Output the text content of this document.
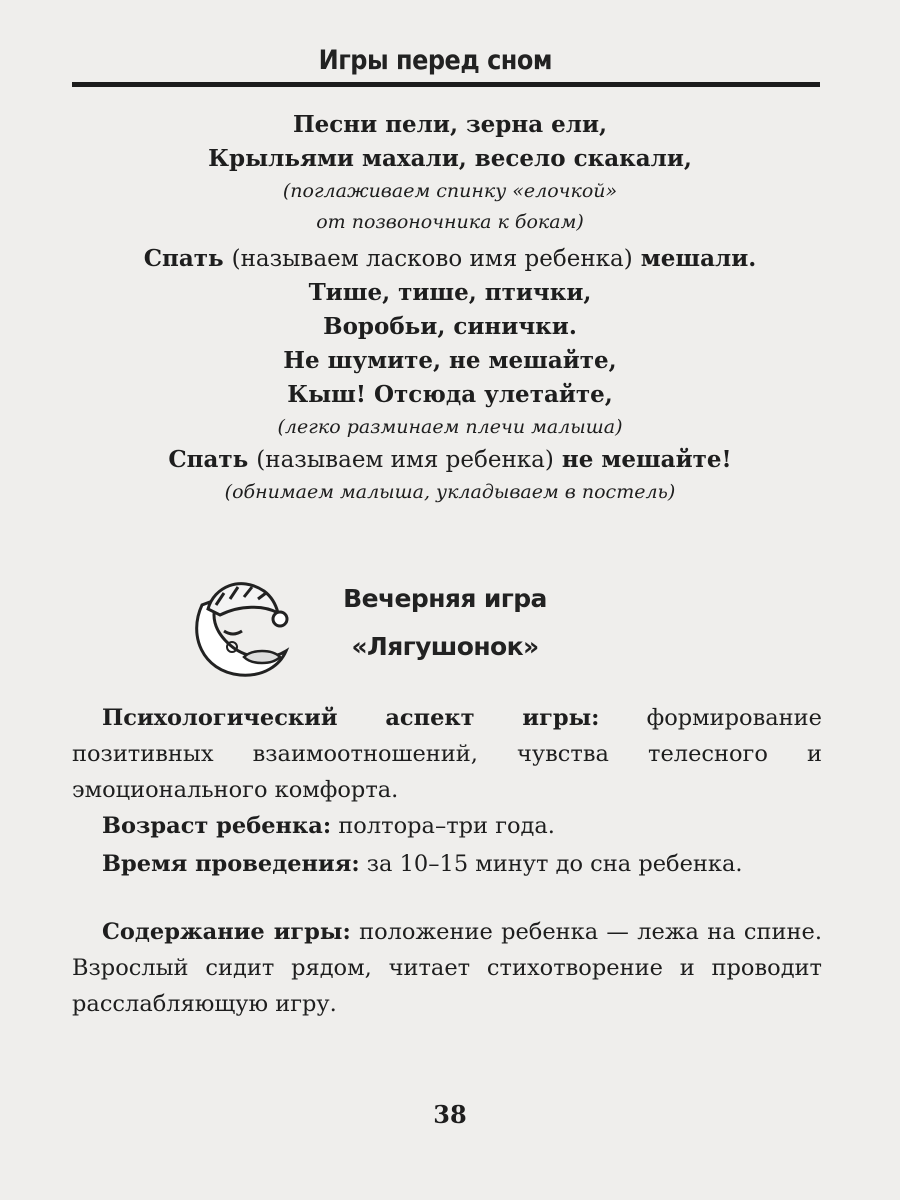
Игры перед сном
Песни пели, зерна ели,
Крыльями махали, весело скакали,
(поглаживаем спинку «елочкой»
от позвоночника к бокам)
Спать (называем ласково имя ребенка) мешали.
Тише, тише, птички,
Воробьи, синички.
Не шумите, не мешайте,
Кыш! Отсюда улетайте,
(легко разминаем плечи малыша)
Спать (называем имя ребенка) не мешайте!
(обнимаем малыша, укладываем в постель)
Вечерняя игра
«Лягушонок»
Психологический аспект игры: формирование позитивных взаимоотношений, чувства телесного и эмоционального комфорта.
Возраст ребенка: полтора–три года.
Время проведения: за 10–15 минут до сна ребенка.
Содержание игры: положение ребенка — лежа на спине. Взрослый сидит рядом, читает стихотворение и проводит расслабляющую игру.
38
